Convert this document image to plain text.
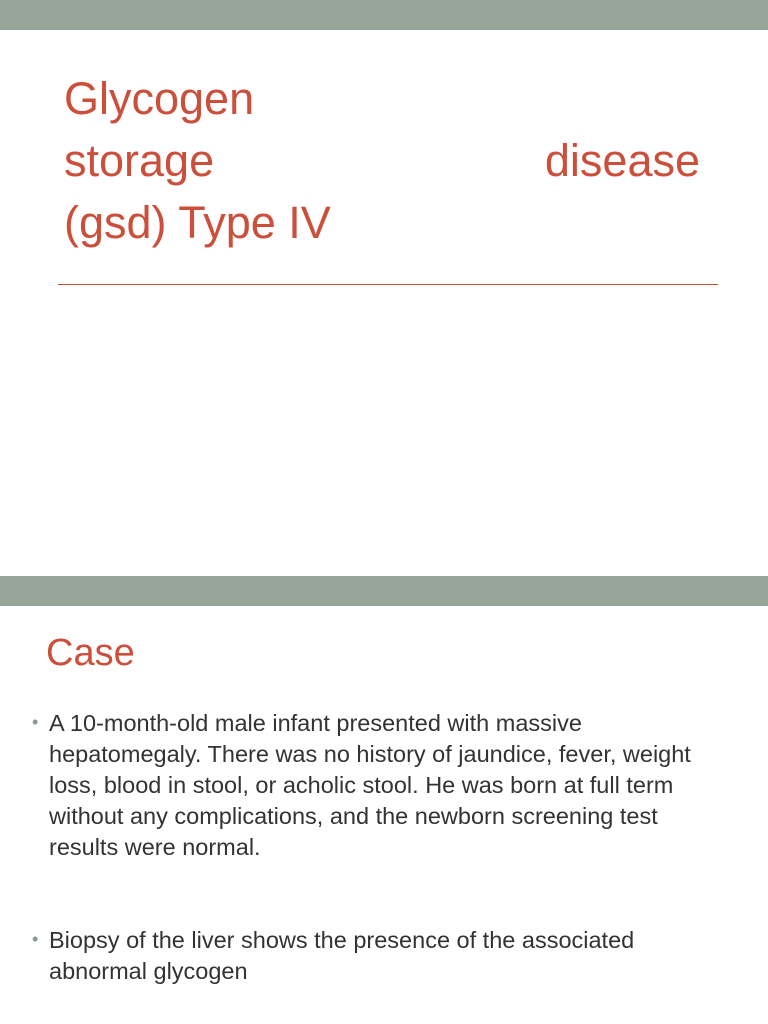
Glycogen
storage	disease
(gsd) Type IV
Case
• A 10-month-old male infant presented with massive hepatomegaly. There was no history of jaundice, fever, weight loss, blood in stool, or acholic stool. He was born at full term without any complications, and the newborn screening test results were normal.
• Biopsy of the liver shows the presence of the associated abnormal glycogen
